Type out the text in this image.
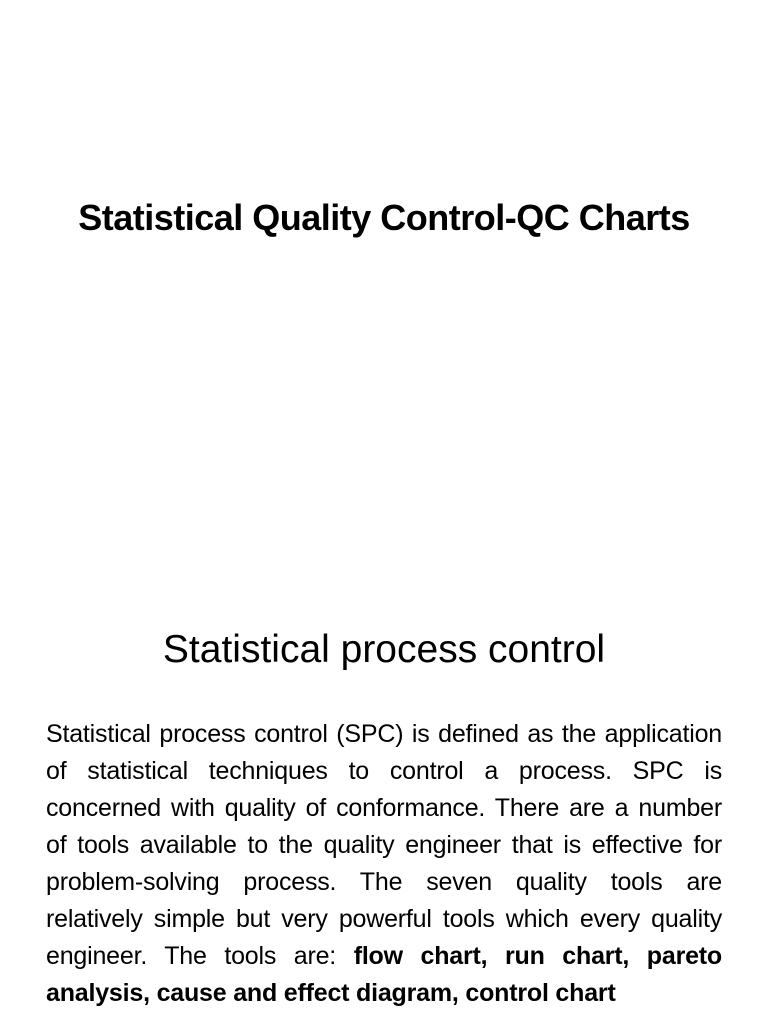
Statistical Quality Control-QC Charts
Statistical process control

Statistical process control (SPC) is defined as the application of statistical techniques to control a process. SPC is concerned with quality of conformance. There are a number of tools available to the quality engineer that is effective for problem-solving process. The seven quality tools are relatively simple but very powerful tools which every quality engineer. The tools are: flow chart, run chart, pareto analysis, cause and effect diagram, control chart
